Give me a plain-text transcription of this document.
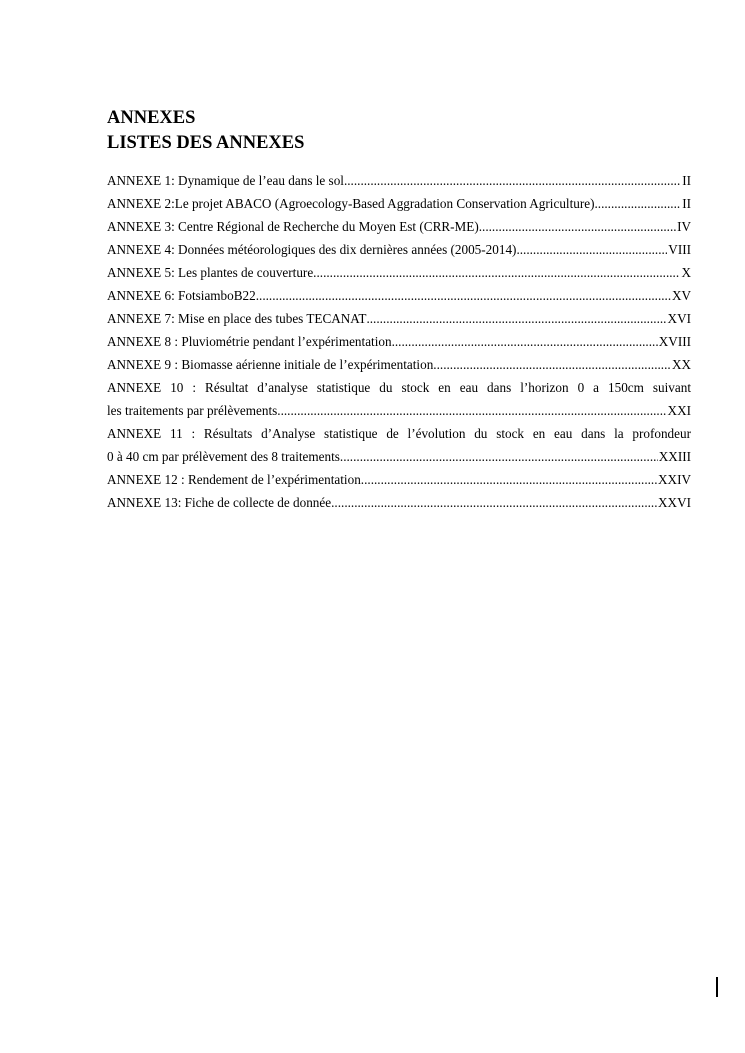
ANNEXES
LISTES DES ANNEXES
ANNEXE 1: Dynamique de l’eau dans le sol .....	II
ANNEXE 2:Le projet ABACO (Agroecology-Based Aggradation Conservation Agriculture) .....	II
ANNEXE 3: Centre Régional de Recherche du Moyen Est (CRR-ME) .....	IV
ANNEXE 4: Données météorologiques des dix dernières années (2005-2014) .....	VIII
ANNEXE 5: Les plantes de couverture .....	X
ANNEXE 6: FotsiamboB22 .....	XV
ANNEXE 7: Mise en place des tubes TECANAT .....	XVI
ANNEXE 8 : Pluviométrie pendant l’expérimentation .....	XVIII
ANNEXE 9 : Biomasse aérienne initiale de l’expérimentation .....	XX
ANNEXE 10 : Résultat d’analyse statistique du stock en eau dans l’horizon 0 a 150cm suivant
les traitements par prélèvements .....	XXI
ANNEXE 11 : Résultats d’Analyse statistique de l’évolution du stock en eau dans la profondeur
0 à 40 cm par prélèvement des 8 traitements .....	XXIII
ANNEXE 12 : Rendement de l’expérimentation .....	XXIV
ANNEXE 13: Fiche de collecte de donnée .....	XXVI
